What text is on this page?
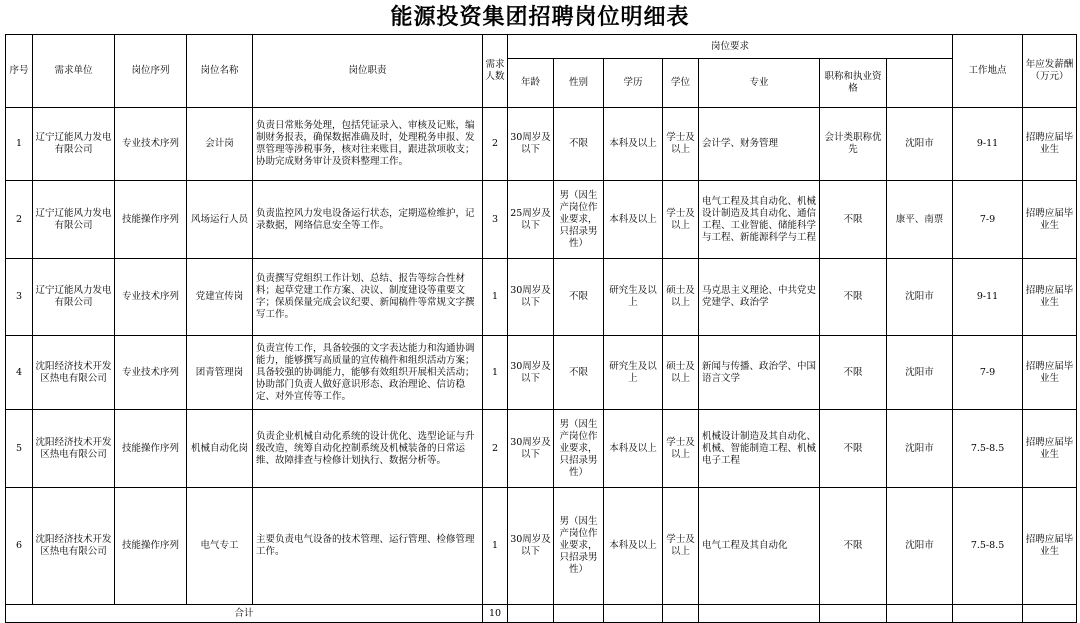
能源投资集团招聘岗位明细表
序号	需求单位	岗位序列	岗位名称	岗位职责	需求人数	岗位要求							工作地点	年应发薪酬（万元）	
						年龄	性别	学历	学位	专业	职称和执业资格				
1	辽宁辽能风力发电有限公司	专业技术序列	会计岗	负责日常账务处理，包括凭证录入、审核及记账，编制财务报表，确保数据准确及时，处理税务申报、发票管理等涉税事务，核对往来账目，跟进款项收支；协助完成财务审计及资料整理工作。	2	30周岁及以下	不限	本科及以上	学士及以上	会计学、财务管理	会计类职称优先	沈阳市	9-11	招聘应届毕业生	
2	辽宁辽能风力发电有限公司	技能操作序列	风场运行人员	负责监控风力发电设备运行状态，定期巡检维护，记录数据，网络信息安全等工作。	3	25周岁及以下	男（因生产岗位作业要求，只招录男性）	本科及以上	学士及以上	电气工程及其自动化、机械设计制造及其自动化、通信工程、工业智能、储能科学与工程、新能源科学与工程	不限	康平、南票	7-9	招聘应届毕业生	
3	辽宁辽能风力发电有限公司	专业技术序列	党建宣传岗	负责撰写党组织工作计划、总结、报告等综合性材料；起草党建工作方案、决议、制度建设等重要文字；保质保量完成会议纪要、新闻稿件等常规文字撰写工作。	1	30周岁及以下	不限	研究生及以上	硕士及以上	马克思主义理论、中共党史党建学、政治学	不限	沈阳市	9-11	招聘应届毕业生	
4	沈阳经济技术开发区热电有限公司	专业技术序列	团青管理岗	负责宣传工作，具备较强的文字表达能力和沟通协调能力，能够撰写高质量的宣传稿件和组织活动方案；具备较强的协调能力，能够有效组织开展相关活动；协助部门负责人做好意识形态、政治理论、信访稳定、对外宣传等工作。	1	30周岁及以下	不限	研究生及以上	硕士及以上	新闻与传播、政治学、中国语言文学	不限	沈阳市	7-9	招聘应届毕业生	
5	沈阳经济技术开发区热电有限公司	技能操作序列	机械自动化岗	负责企业机械自动化系统的设计优化、选型论证与升级改造，统筹自动化控制系统及机械装备的日常运维、故障排查与检修计划执行、数据分析等。	2	30周岁及以下	男（因生产岗位作业要求，只招录男性）	本科及以上	学士及以上	机械设计制造及其自动化、机械、智能制造工程、机械电子工程	不限	沈阳市	7.5-8.5	招聘应届毕业生	
6	沈阳经济技术开发区热电有限公司	技能操作序列	电气专工	主要负责电气设备的技术管理、运行管理、检修管理工作。	1	30周岁及以下	男（因生产岗位作业要求，只招录男性）	本科及以上	学士及以上	电气工程及其自动化	不限	沈阳市	7.5-8.5	招聘应届毕业生	
合计					10										
